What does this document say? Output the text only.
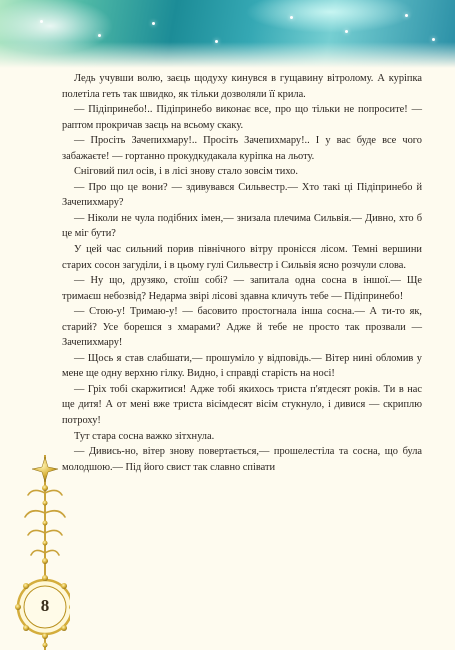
Ледь учувши волю, заєць щодуху кинувся в гущавину вітролому. А курiпка полетіла геть так швидко, як тільки дозволяли її крила.

— Підіпринебо!.. Підіпринебо виконає все, про що тільки не попросите! — раптом прокричав заєць на всьому скаку.

— Просіть Зачепихмару!.. Просіть Зачепихмару!.. І у вас буде все чого забажаєте! — гортанно прокудкудакала курiпка на льоту.

Сніговий пил осів, і в лісі знову стало зовсім тихо.

— Про що це вони? — здивувався Сильвестр.— Хто такі ці Підіпринебо й Зачепихмару?

— Ніколи не чула подібних імен,— знизала плечима Сильвія.— Дивно, хто б це міг бути?

У цей час сильний порив північного вітру пронісся лісом. Темні вершини старих сосон загуділи, і в цьому гулі Сильвестр і Сильвія ясно розчули слова.

— Ну що, друзяко, стоїш собі? — запитала одна сосна в іншої.— Ще тримаєш небозвід? Недарма звірі лісові здавна кличуть тебе — Підіпринебо!

— Стою-у! Тримаю-у! — басовито простогнала інша сосна.— А ти-то як, старий? Усе борешся з хмарами? Адже й тебе не просто так прозвали — Зачепихмару!

— Щось я став слабшати,— прошуміло у відповідь.— Вітер нині обломив у мене ще одну верхню гілку. Видно, і справді старість на носі!

— Гріх тобі скаржитися! Адже тобі якихось триста п'ятдесят років. Ти в нас ще дитя! А от мені вже триста вісімдесят вісім стукнуло, і дивися — скриплю потроху!

Тут стара сосна важко зітхнула.

— Дивись-но, вітер знову повертається,— прошелестіла та сосна, що була молодшою.— Під його свист так славно співати

8
